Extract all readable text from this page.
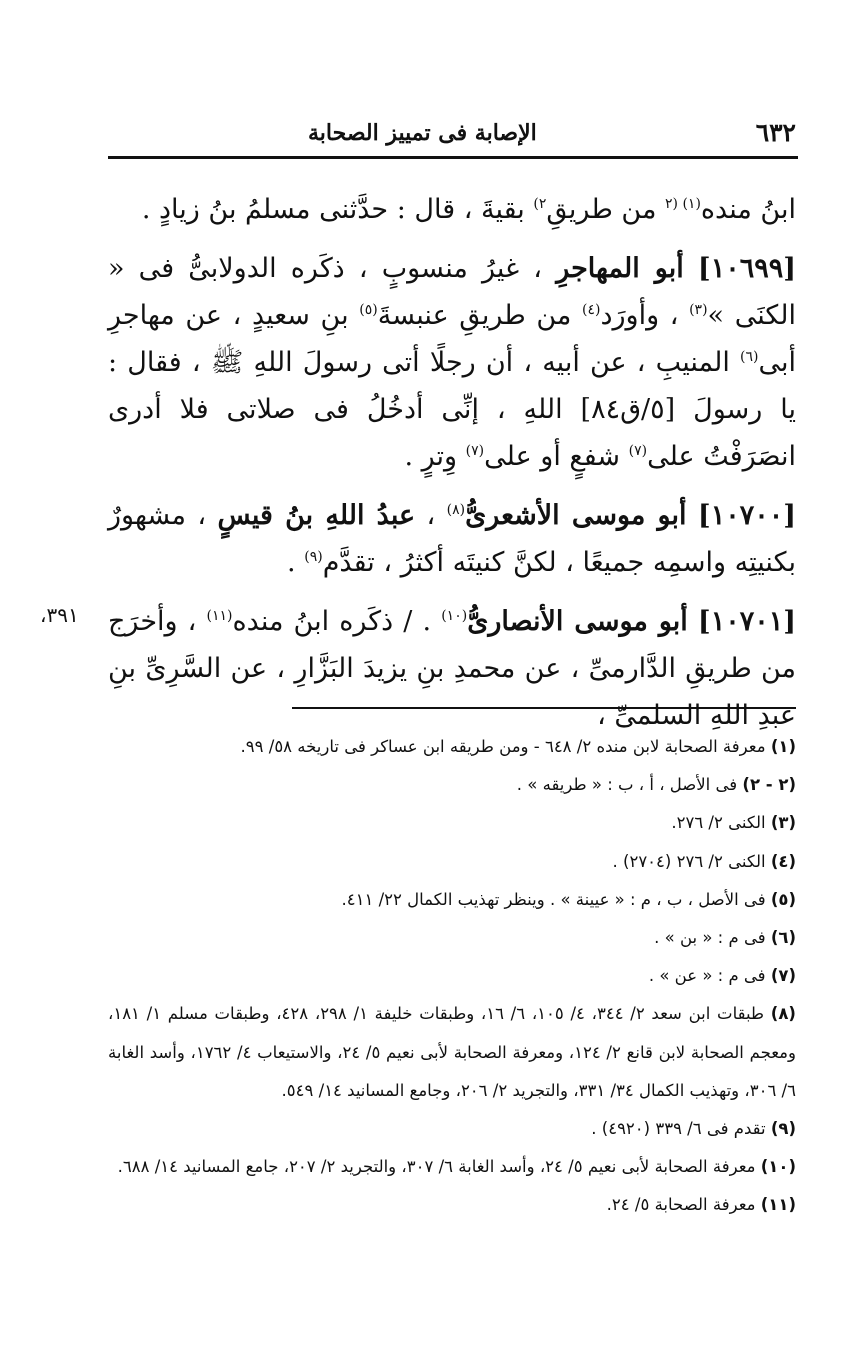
٦٣٢
الإصابة فى تمييز الصحابة
٣٩١،

ابنُ منده$^{(١) (٢}$ من طريقِ$^{٢)}$ بقيةَ ، قال : حدَّثنى مسلمُ بنُ زيادٍ .

[١٠٦٩٩] أبو المهاجرِ ، غيرُ منسوبٍ ، ذكَره الدولابىُّ فى « الكنَى »$^{(٣)}$ ، وأورَد$^{(٤)}$ من طريقِ عنبسةَ$^{(٥)}$ بنِ سعيدٍ ، عن مهاجرِ أبى$^{(٦)}$ المنيبِ ، عن أبيه ، أن رجلًا أتى رسولَ اللهِ ﷺ ، فقال : يا رسولَ [٥/ق٨٤] اللهِ ، إنِّى أدخُلُ فى صلاتى فلا أدرى انصَرَفْتُ على$^{(٧)}$ شفعٍ أو على$^{(٧)}$ وِترٍ .

[١٠٧٠٠] أبو موسى الأشعرىُّ$^{(٨)}$ ، عبدُ اللهِ بنُ قيسٍ ، مشهورٌ بكنيتِه واسمِه جميعًا ، لكنَّ كنيتَه أكثرُ ، تقدَّم$^{(٩)}$ .

[١٠٧٠١] أبو موسى الأنصارىُّ$^{(١٠)}$ . / ذكَره ابنُ منده$^{(١١)}$ ، وأخرَج من طريقِ الدَّارمىِّ ، عن محمدِ بنِ يزيدَ البَزَّارِ ، عن السَّرِىِّ بنِ عبدِ اللهِ السلمىِّ ،

(١) معرفة الصحابة لابن منده ٢/ ٦٤٨ - ومن طريقه ابن عساكر فى تاريخه ٥٨/ ٩٩.

(٢ - ٢) فى الأصل ، أ ، ب : « طريقه » .

(٣) الكنى ٢/ ٢٧٦.

(٤) الكنى ٢/ ٢٧٦ (٢٧٠٤) .

(٥) فى الأصل ، ب ، م : « عيينة » . وينظر تهذيب الكمال ٢٢/ ٤١١.

(٦) فى م : « بن » .

(٧) فى م : « عن » .

(٨) طبقات ابن سعد ٢/ ٣٤٤، ٤/ ١٠٥، ٦/ ١٦، وطبقات خليفة ١/ ٢٩٨، ٤٢٨، وطبقات مسلم ١/ ١٨١، ومعجم الصحابة لابن قانع ٢/ ١٢٤، ومعرفة الصحابة لأبى نعيم ٥/ ٢٤، والاستيعاب ٤/ ١٧٦٢، وأسد الغابة ٦/ ٣٠٦، وتهذيب الكمال ٣٤/ ٣٣١، والتجريد ٢/ ٢٠٦، وجامع المسانيد ١٤/ ٥٤٩.

(٩) تقدم فى ٦/ ٣٣٩ (٤٩٢٠) .

(١٠) معرفة الصحابة لأبى نعيم ٥/ ٢٤، وأسد الغابة ٦/ ٣٠٧، والتجريد ٢/ ٢٠٧، جامع المسانيد ١٤/ ٦٨٨.

(١١) معرفة الصحابة ٥/ ٢٤.
